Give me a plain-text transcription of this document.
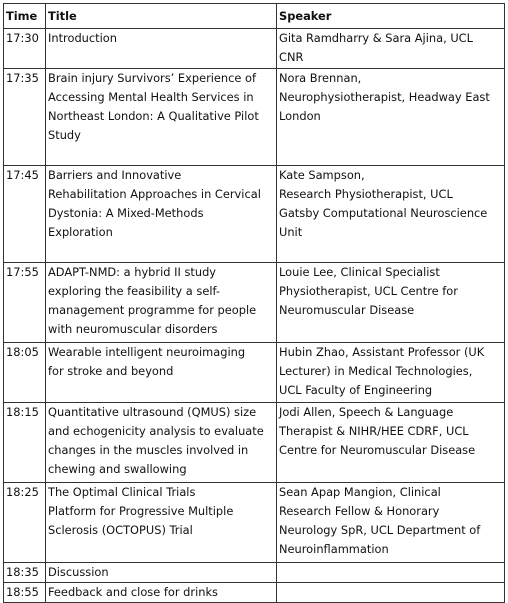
Time	Title	Speaker
17:30	Introduction	Gita Ramdharry & Sara Ajina, UCL
CNR
17:35	Brain injury Survivors’ Experience of
Accessing Mental Health Services in
Northeast London: A Qualitative Pilot
Study	Nora Brennan,
Neurophysiotherapist, Headway East
London
17:45	Barriers and Innovative
Rehabilitation Approaches in Cervical
Dystonia: A Mixed-Methods
Exploration	Kate Sampson,
Research Physiotherapist, UCL
Gatsby Computational Neuroscience
Unit
17:55	ADAPT-NMD: a hybrid II study
exploring the feasibility a self-
management programme for people
with neuromuscular disorders	Louie Lee, Clinical Specialist
Physiotherapist, UCL Centre for
Neuromuscular Disease
18:05	Wearable intelligent neuroimaging
for stroke and beyond	Hubin Zhao, Assistant Professor (UK
Lecturer) in Medical Technologies,
UCL Faculty of Engineering
18:15	Quantitative ultrasound (QMUS) size
and echogenicity analysis to evaluate
changes in the muscles involved in
chewing and swallowing	Jodi Allen, Speech & Language
Therapist & NIHR/HEE CDRF, UCL
Centre for Neuromuscular Disease
18:25	The Optimal Clinical Trials
Platform for Progressive Multiple
Sclerosis (OCTOPUS) Trial	Sean Apap Mangion, Clinical
Research Fellow & Honorary
Neurology SpR, UCL Department of
Neuroinflammation
18:35	Discussion	
18:55	Feedback and close for drinks	
